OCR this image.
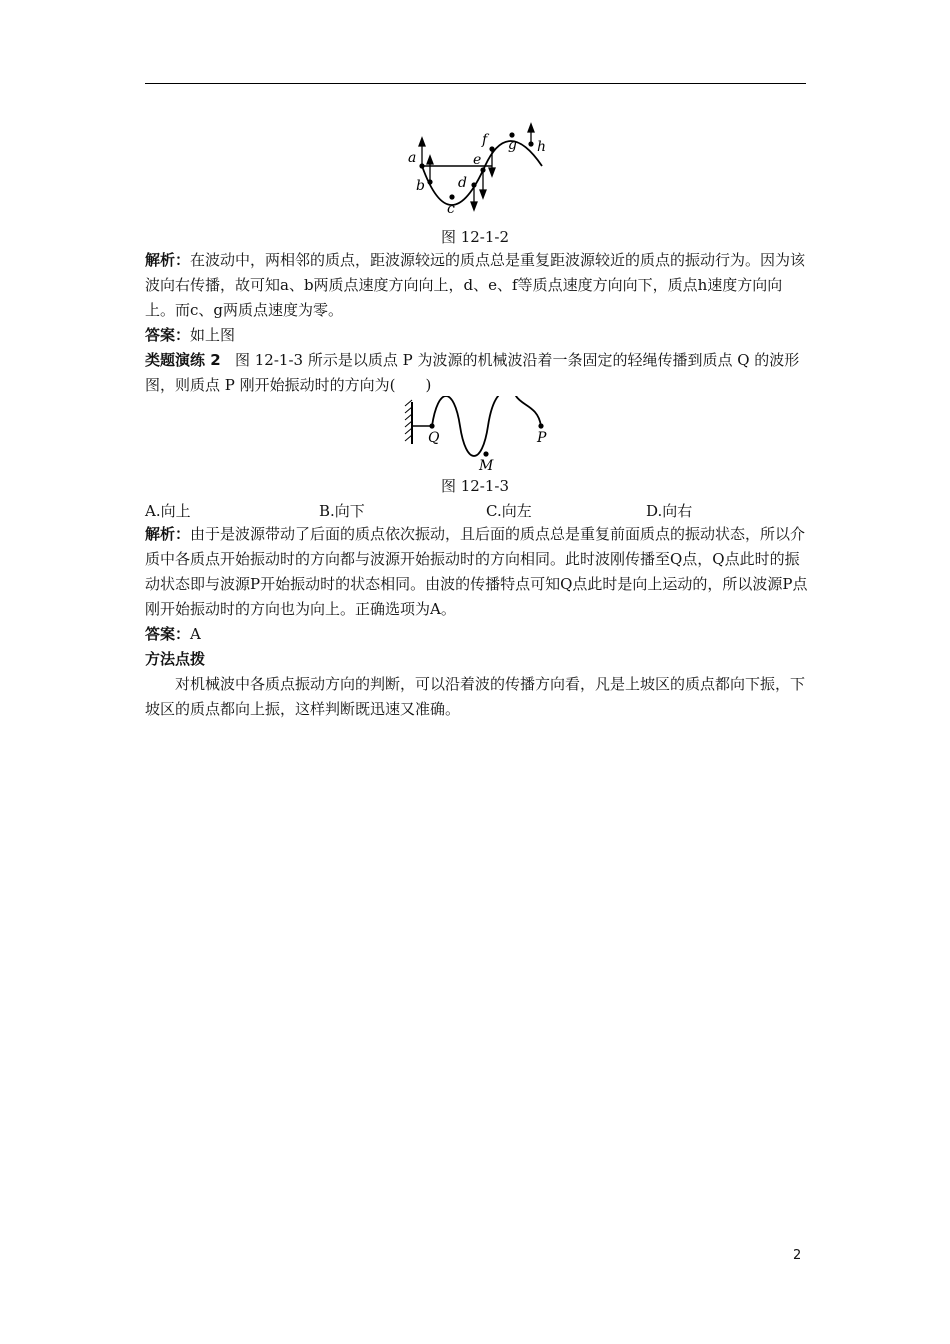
a
b
c
d
e
f g h
图 12-1-2

解析：在波动中，两相邻的质点，距波源较远的质点总是重复距波源较近的质点的振动行为。因为该波向右传播，故可知a、b两质点速度方向向上，d、e、f等质点速度方向向下，质点h速度方向向上。而c、g两质点速度为零。

答案：如上图

类题演练 2 图 12-1-3 所示是以质点 P 为波源的机械波沿着一条固定的轻绳传播到质点 Q 的波形图，则质点 P 刚开始振动时的方向为(　　)

Q
M
P
图 12-1-3
A.向上	B.向下	C.向左	D.向右

解析：由于是波源带动了后面的质点依次振动，且后面的质点总是重复前面质点的振动状态，所以介质中各质点开始振动时的方向都与波源开始振动时的方向相同。此时波刚传播至Q点，Q点此时的振动状态即与波源P开始振动时的状态相同。由波的传播特点可知Q点此时是向上运动的，所以波源P点刚开始振动时的方向也为向上。正确选项为A。

答案：A

方法点拨

对机械波中各质点振动方向的判断，可以沿着波的传播方向看，凡是上坡区的质点都向下振，下坡区的质点都向上振，这样判断既迅速又准确。

2
